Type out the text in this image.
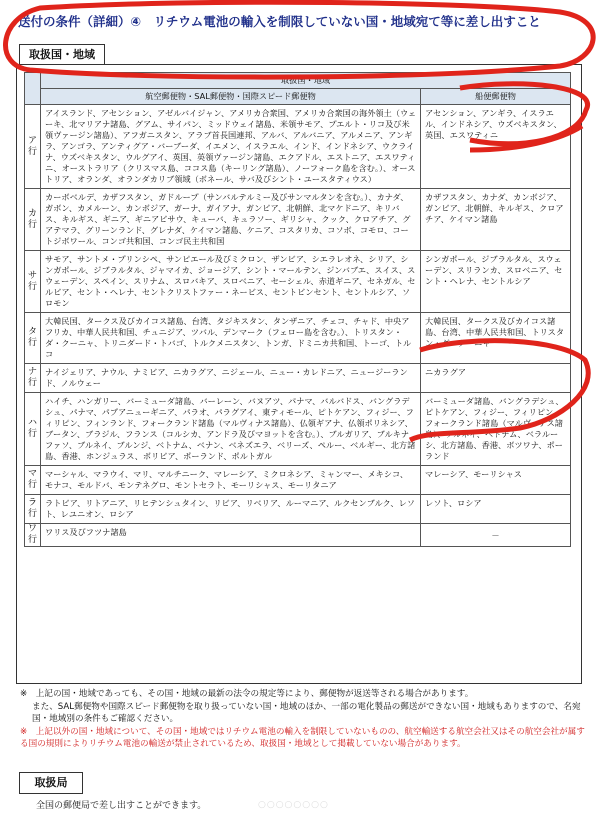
送付の条件（詳細）④　リチウム電池の輸入を制限していない国・地域宛て等に差し出すこと
取扱国・地域
	取扱国・地域	
	航空郵便物・SAL郵便物・国際スピード郵便物	船便郵便物

ア
行	アイスランド、アセンション、アゼルバイジャン、アメリカ合衆国、アメリカ合衆国の海外領土（ウェーキ、北マリアナ諸島、グアム、サイパン、ミッドウェイ諸島、米領サモア、プエルト・リコ及び米領ヴァージン諸島）、アフガニスタン、アラブ首長国連邦、アルバ、アルバニア、アルメニア、アンギラ、アンゴラ、アンティグア・バーブーダ、イエメン、イスラエル、インド、インドネシア、ウクライナ、ウズベキスタン、ウルグアイ、英国、英領ヴァージン諸島、エクアドル、エストニア、エスワティニ、オーストラリア（クリスマス島、ココス島（キーリング諸島）、ノーフォーク島を含む。）、オーストリア、オランダ、オランダカリブ領域（ボネール、サバ及びシント・ユースタティウス）	アセンション、アンギラ、イスラエル、インドネシア、ウズベキスタン、英国、エスワティニ

カ
行	カーボベルデ、カザフスタン、ガドループ（サンバルテルミー及びサンマルタンを含む。）、カナダ、ガボン、カメルーン、カンボジア、ガーナ、ガイアナ、ガンビア、北朝鮮、北マケドニア、キリバス、キルギス、ギニア、ギニアビサウ、キューバ、キュラソー、ギリシャ、クック、クロアチア、グアテマラ、グリーンランド、グレナダ、ケイマン諸島、ケニア、コスタリカ、コソボ、コモロ、コートジボワール、コンゴ共和国、コンゴ民主共和国	カザフスタン、カナダ、カンボジア、ガンビア、北朝鮮、キルギス、クロアチア、ケイマン諸島

サ
行	サモア、サントメ・プリンシペ、サンピエール及びミクロン、ザンビア、シエラレオネ、シリア、シンガポール、ジブラルタル、ジャマイカ、ジョージア、シント・マールテン、ジンバブエ、スイス、スウェーデン、スペイン、スリナム、スロバキア、スロベニア、セーシェル、赤道ギニア、セネガル、セルビア、セント・ヘレナ、セントクリストファー・ネービス、セントビンセント、セントルシア、ソロモン	シンガポール、ジブラルタル、スウェーデン、スリランカ、スロベニア、セント・ヘレナ、セントルシア

タ
行	大韓民国、タークス及びカイコス諸島、台湾、タジキスタン、タンザニア、チェコ、チャド、中央アフリカ、中華人民共和国、チュニジア、ツバル、デンマーク（フェロー島を含む。）、トリスタン・ダ・クーニャ、トリニダード・トバゴ、トルクメニスタン、トンガ、ドミニカ共和国、トーゴ、トルコ	大韓民国、タークス及びカイコス諸島、台湾、中華人民共和国、トリスタン・ダ・クーニャ

ナ
行	ナイジェリア、ナウル、ナミビア、ニカラグア、ニジェール、ニュー・カレドニア、ニュージーランド、ノルウェー	ニカラグア

ハ
行	ハイチ、ハンガリー、バーミューダ諸島、バーレーン、バヌアツ、パナマ、バルバドス、バングラデシュ、パナマ、パプアニューギニア、パラオ、パラグアイ、東ティモール、ピトケアン、フィジー、フィリピン、フィンランド、フォークランド諸島（マルヴィナス諸島）、仏領ギアナ、仏領ポリネシア、ブータン、ブラジル、フランス（コルシカ、アンドラ及びマヨットを含む。）、ブルガリア、ブルキナファソ、ブルネイ、ブルンジ、ベトナム、ベナン、ベネズエラ、ベリーズ、ペルー、ベルギー、北方諸島、香港、ホンジュラス、ボリビア、ポーランド、ポルトガル	バーミューダ諸島、バングラデシュ、ピトケアン、フィジー、フィリピン、フォークランド諸島（マルヴィナス諸島）、ブルネイ、ベトナム、ベラルーシ、北方諸島、香港、ボツワナ、ポーランド

マ
行	マーシャル、マラウイ、マリ、マルチニーク、マレーシア、ミクロネシア、ミャンマー、メキシコ、モナコ、モルドバ、モンテネグロ、モントセラト、モーリシャス、モーリタニア	マレーシア、モーリシャス

ラ
行	ラトビア、リトアニア、リヒテンシュタイン、リビア、リベリア、ルーマニア、ルクセンブルク、レソト、レユニオン、ロシア	レソト、ロシア

ワ
行	ワリス及びフツナ諸島	－

※　上記の国・地域であっても、その国・地域の最新の法令の規定等により、郵便物が返送等される場合があります。

また、SAL郵便物や国際スピード郵便物を取り扱っていない国・地域のほか、一部の電化製品の郵送ができない国・地域もありますので、名宛国・地域別の条件もご確認ください。

※　上記以外の国・地域について、その国・地域ではリチウム電池の輸入を制限していないものの、航空輸送する航空会社又はその航空会社が属する国の規則によりリチウム電池の輸送が禁止されているため、取扱国・地域として掲載していない場合があります。

取扱局
全国の郵便局で差し出すことができます。	○○○○○○○○
